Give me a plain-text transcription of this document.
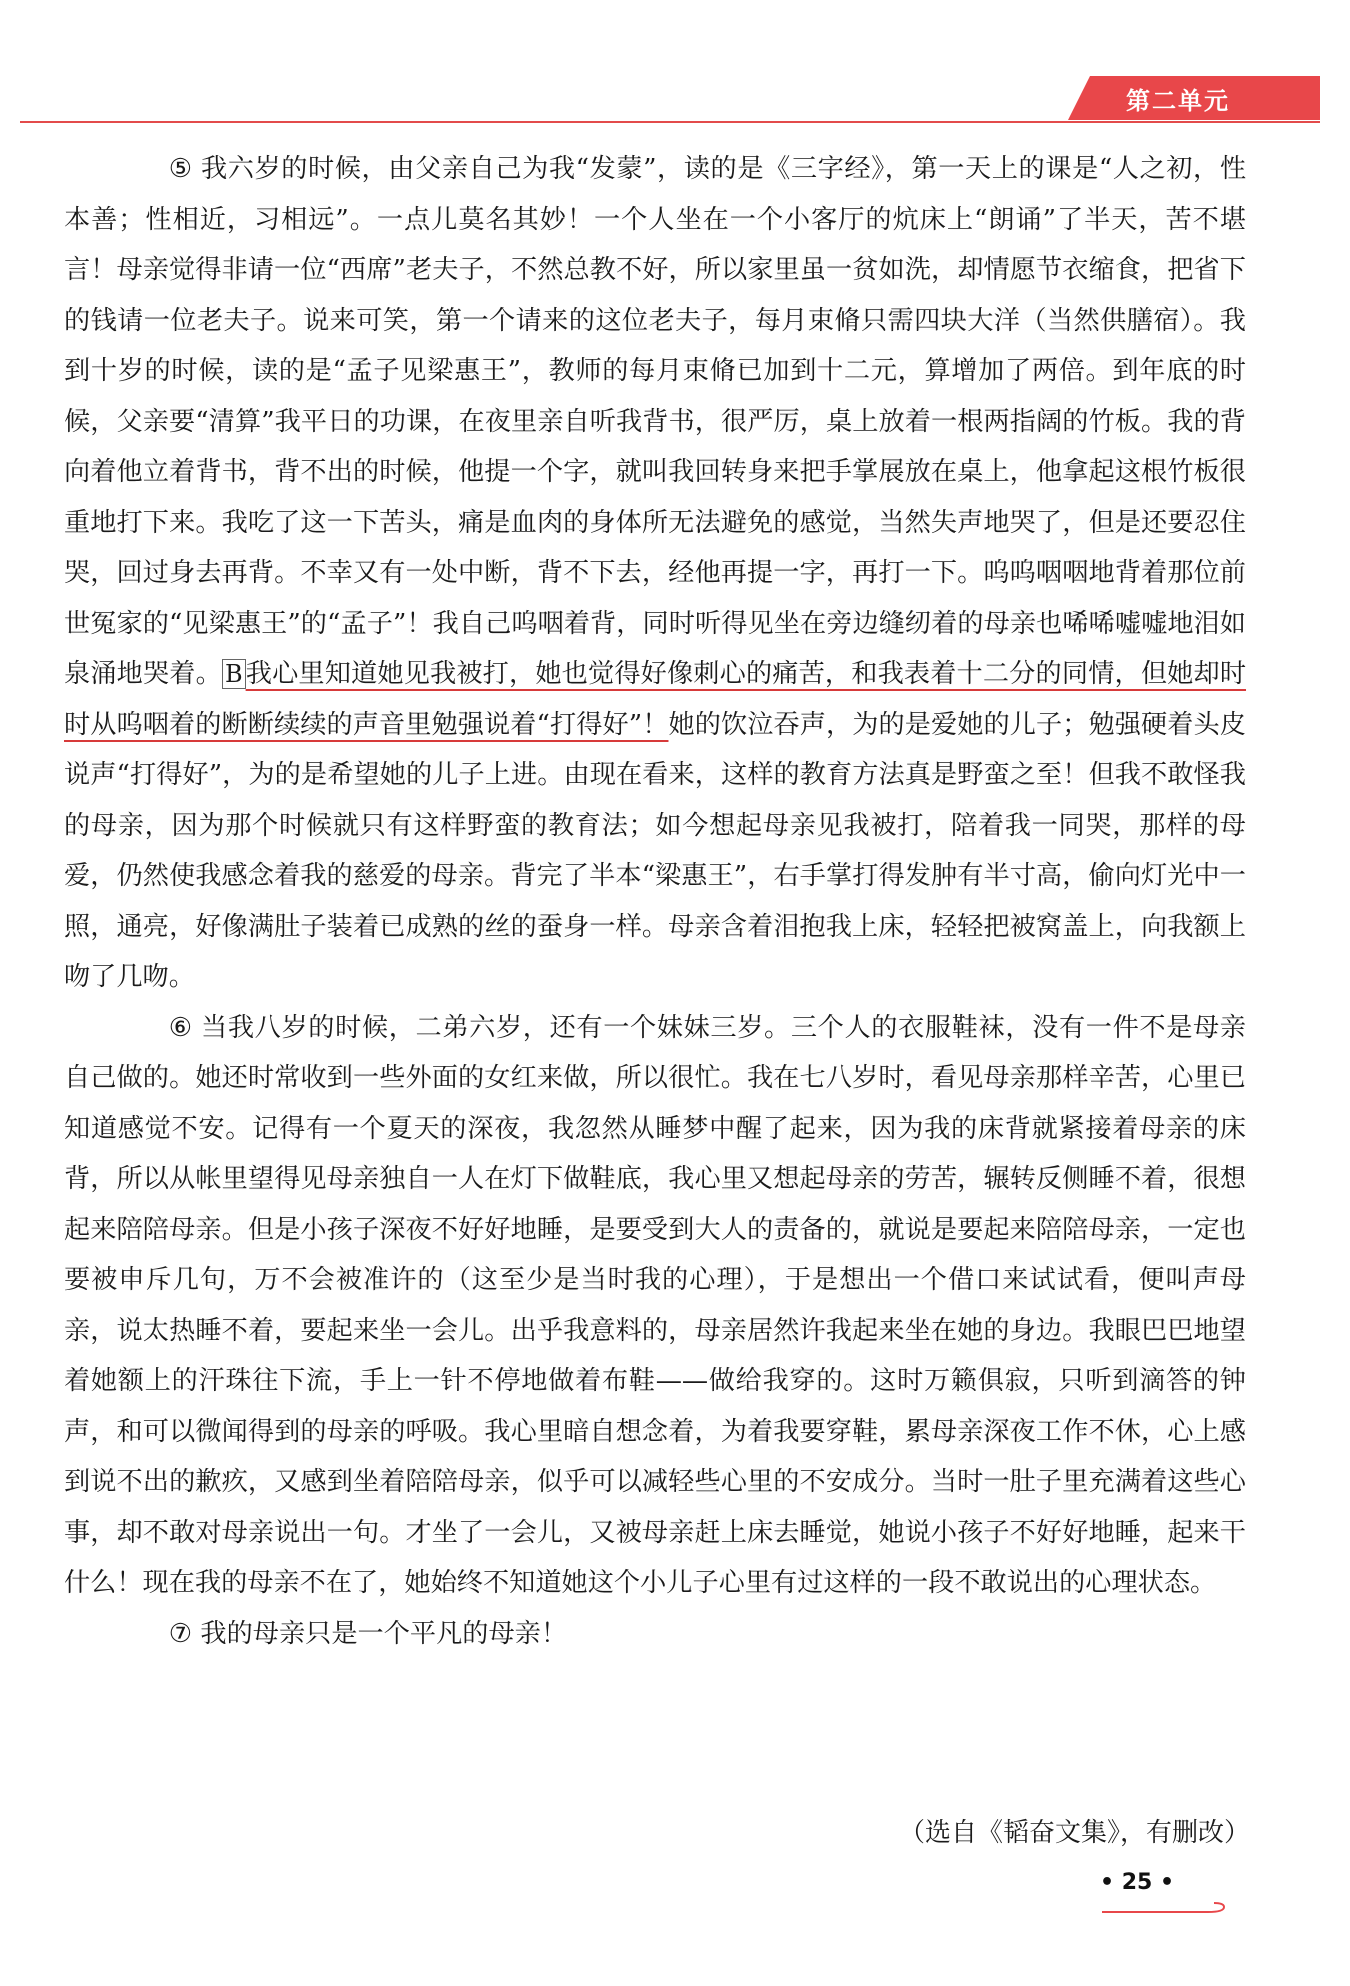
第二单元

⑤ 我六岁的时候，由父亲自己为我“发蒙”，读的是《三字经》，第一天上的课是“人之初，性本善；性相近，习相远”。一点儿莫名其妙！一个人坐在一个小客厅的炕床上“朗诵”了半天，苦不堪言！母亲觉得非请一位“西席”老夫子，不然总教不好，所以家里虽一贫如洗，却情愿节衣缩食，把省下的钱请一位老夫子。说来可笑，第一个请来的这位老夫子，每月束脩只需四块大洋（当然供膳宿）。我到十岁的时候，读的是“孟子见梁惠王”，教师的每月束脩已加到十二元，算增加了两倍。到年底的时候，父亲要“清算”我平日的功课，在夜里亲自听我背书，很严厉，桌上放着一根两指阔的竹板。我的背向着他立着背书，背不出的时候，他提一个字，就叫我回转身来把手掌展放在桌上，他拿起这根竹板很重地打下来。我吃了这一下苦头，痛是血肉的身体所无法避免的感觉，当然失声地哭了，但是还要忍住哭，回过身去再背。不幸又有一处中断，背不下去，经他再提一字，再打一下。呜呜咽咽地背着那位前世冤家的“见梁惠王”的“孟子”！我自己呜咽着背，同时听得见坐在旁边缝纫着的母亲也唏唏嘘嘘地泪如泉涌地哭着。 B 我心里知道她见我被打，她也觉得好像刺心的痛苦，和我表着十二分的同情，但她却时时从呜咽着的断断续续的声音里勉强说着“打得好”！她的饮泣吞声，为的是爱她的儿子；勉强硬着头皮说声“打得好”，为的是希望她的儿子上进。由现在看来，这样的教育方法真是野蛮之至！但我不敢怪我的母亲，因为那个时候就只有这样野蛮的教育法；如今想起母亲见我被打，陪着我一同哭，那样的母爱，仍然使我感念着我的慈爱的母亲。背完了半本“梁惠王”，右手掌打得发肿有半寸高，偷向灯光中一照，通亮，好像满肚子装着已成熟的丝的蚕身一样。母亲含着泪抱我上床，轻轻把被窝盖上，向我额上吻了几吻。

⑥ 当我八岁的时候，二弟六岁，还有一个妹妹三岁。三个人的衣服鞋袜，没有一件不是母亲自己做的。她还时常收到一些外面的女红来做，所以很忙。我在七八岁时，看见母亲那样辛苦，心里已知道感觉不安。记得有一个夏天的深夜，我忽然从睡梦中醒了起来，因为我的床背就紧接着母亲的床背，所以从帐里望得见母亲独自一人在灯下做鞋底，我心里又想起母亲的劳苦，辗转反侧睡不着，很想起来陪陪母亲。但是小孩子深夜不好好地睡，是要受到大人的责备的，就说是要起来陪陪母亲，一定也要被申斥几句，万不会被准许的（这至少是当时我的心理），于是想出一个借口来试试看，便叫声母亲，说太热睡不着，要起来坐一会儿。出乎我意料的，母亲居然许我起来坐在她的身边。我眼巴巴地望着她额上的汗珠往下流，手上一针不停地做着布鞋——做给我穿的。这时万籁俱寂，只听到滴答的钟声，和可以微闻得到的母亲的呼吸。我心里暗自想念着，为着我要穿鞋，累母亲深夜工作不休，心上感到说不出的歉疚，又感到坐着陪陪母亲，似乎可以减轻些心里的不安成分。当时一肚子里充满着这些心事，却不敢对母亲说出一句。才坐了一会儿，又被母亲赶上床去睡觉，她说小孩子不好好地睡，起来干什么！现在我的母亲不在了，她始终不知道她这个小儿子心里有过这样的一段不敢说出的心理状态。

⑦ 我的母亲只是一个平凡的母亲！

（选自《韬奋文集》，有删改）
• 25 •
